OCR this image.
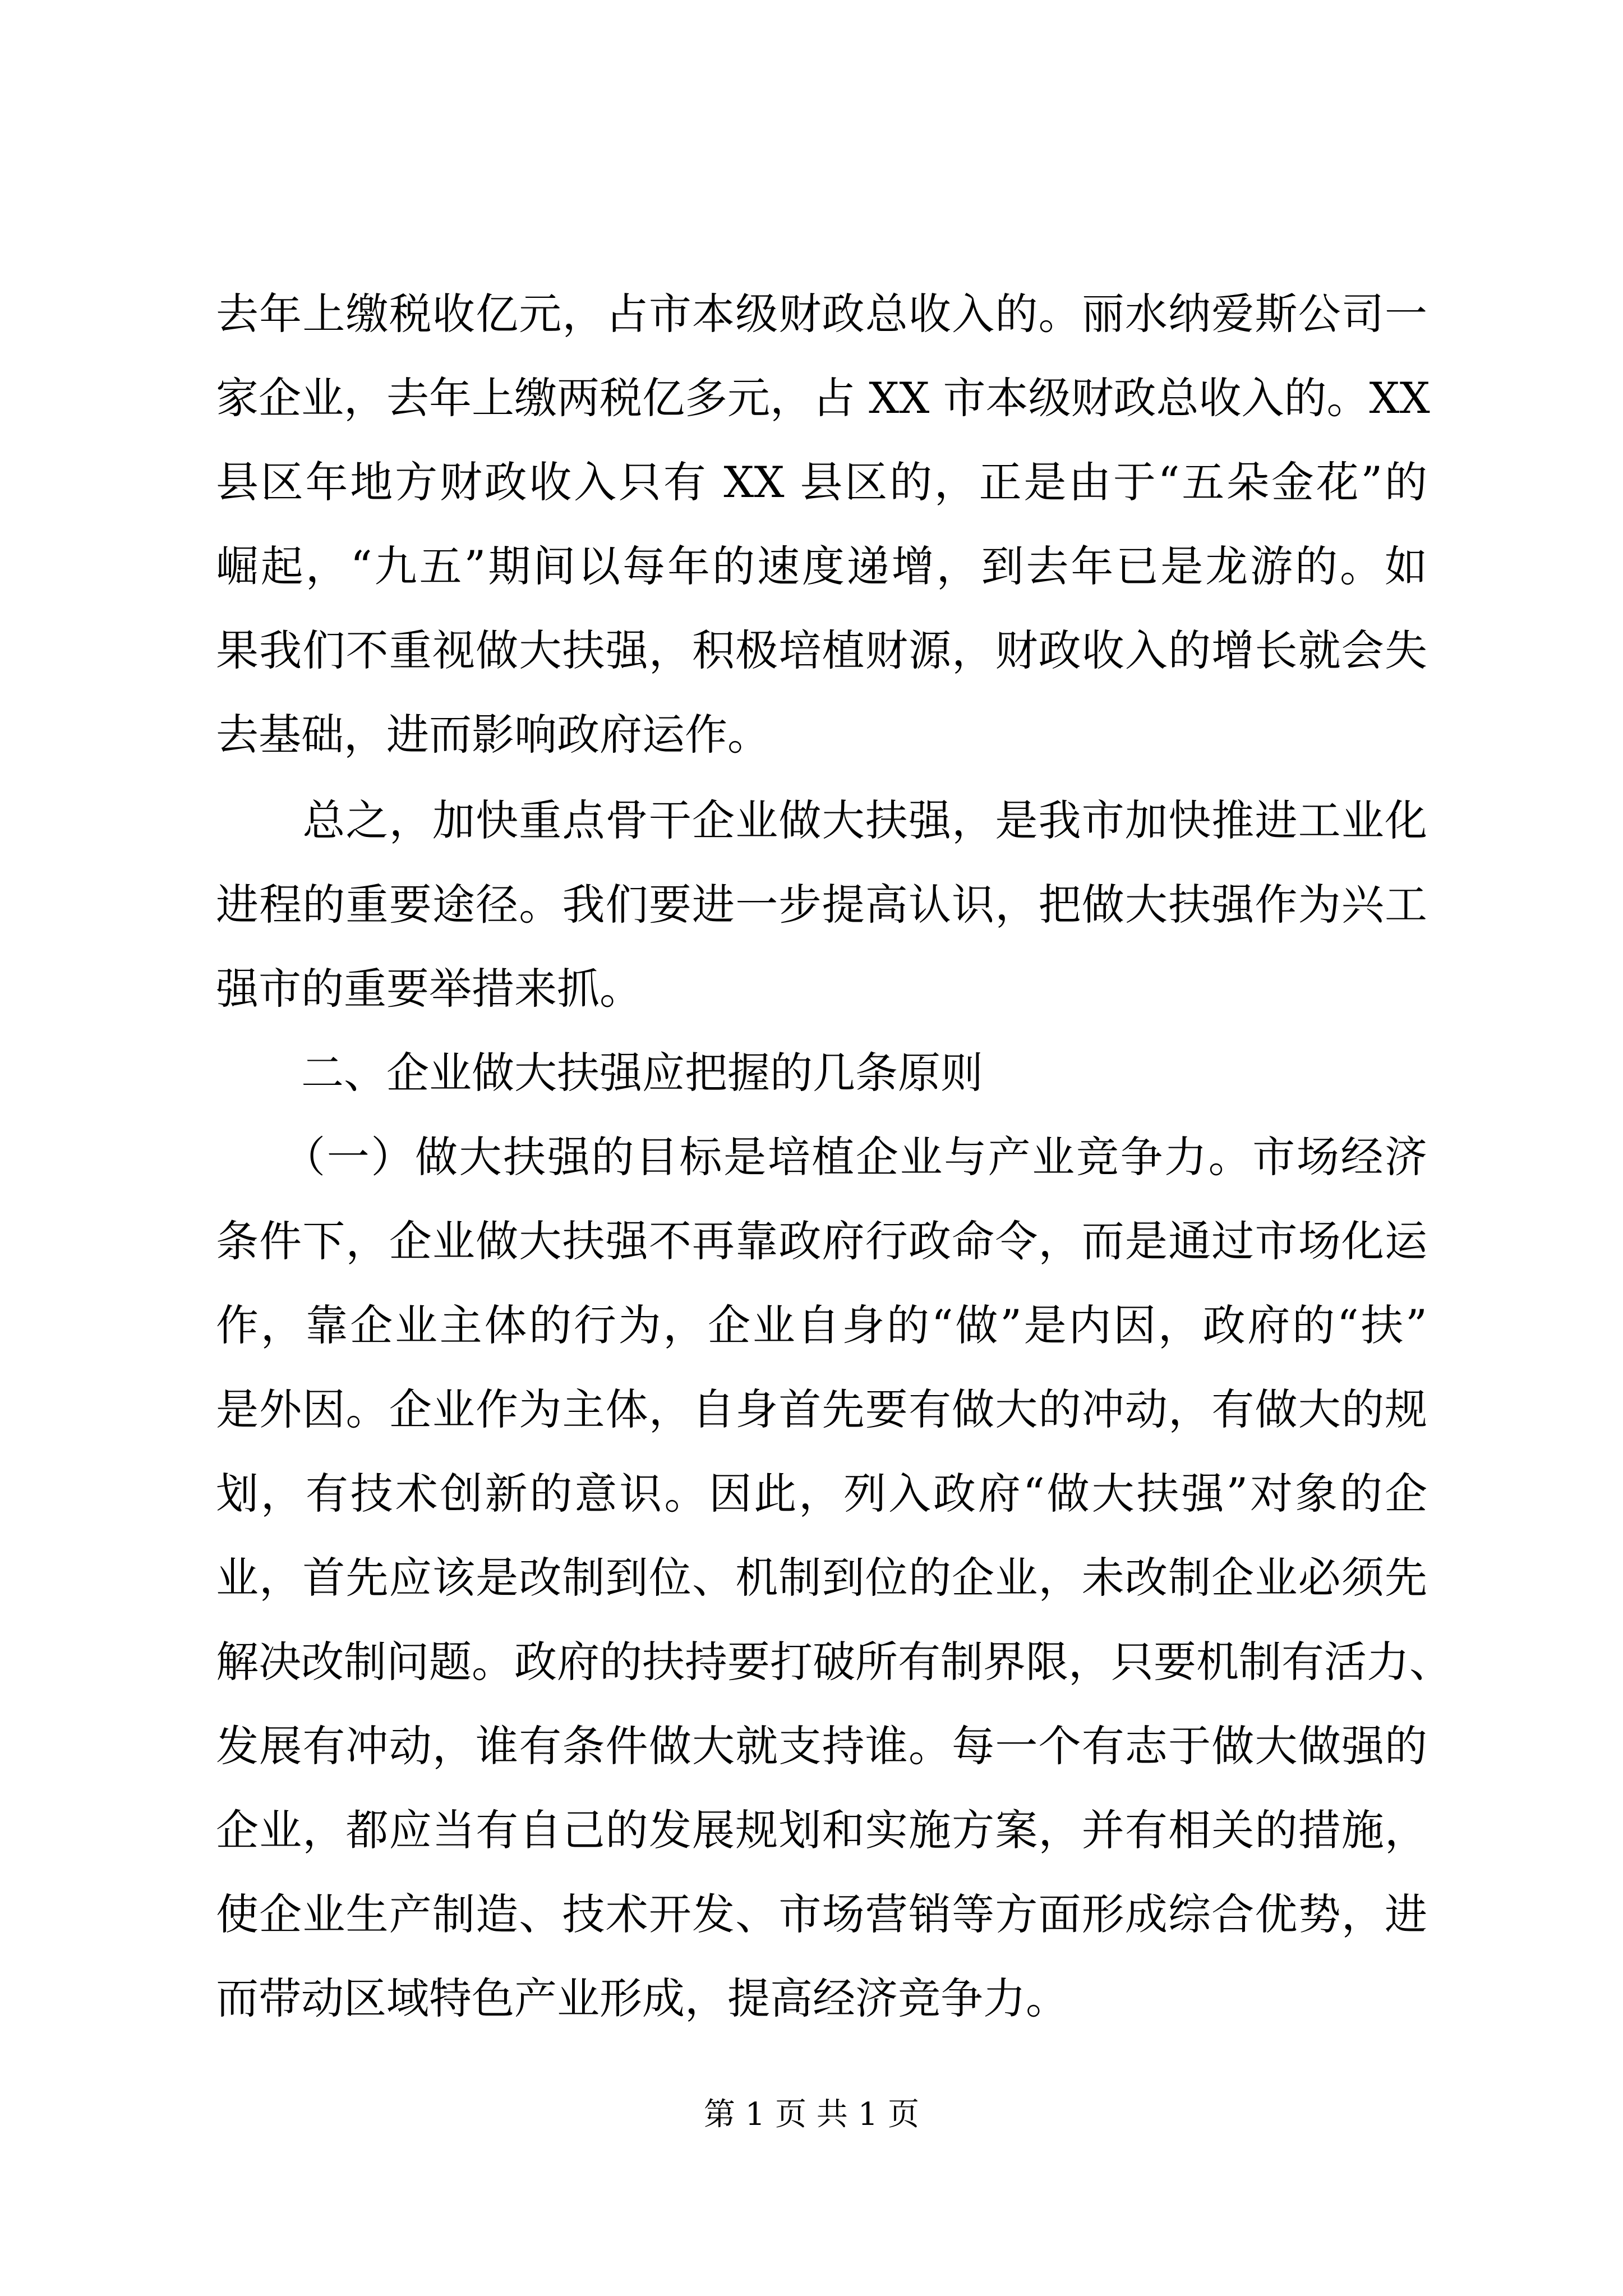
去年上缴税收亿元，占市本级财政总收入的。丽水纳爱斯公司一
家企业，去年上缴两税亿多元，占 XX 市本级财政总收入的。XX
县区年地方财政收入只有 XX 县区的，正是由于“五朵金花”的
崛起，“九五”期间以每年的速度递增，到去年已是龙游的。如
果我们不重视做大扶强，积极培植财源，财政收入的增长就会失
去基础，进而影响政府运作。
　　总之，加快重点骨干企业做大扶强，是我市加快推进工业化
进程的重要途径。我们要进一步提高认识，把做大扶强作为兴工
强市的重要举措来抓。
　　二、企业做大扶强应把握的几条原则
　　（一）做大扶强的目标是培植企业与产业竞争力。市场经济
条件下，企业做大扶强不再靠政府行政命令，而是通过市场化运
作，靠企业主体的行为，企业自身的“做”是内因，政府的“扶”
是外因。企业作为主体，自身首先要有做大的冲动，有做大的规
划，有技术创新的意识。因此，列入政府“做大扶强”对象的企
业，首先应该是改制到位、机制到位的企业，未改制企业必须先
解决改制问题。政府的扶持要打破所有制界限，只要机制有活力、
发展有冲动，谁有条件做大就支持谁。每一个有志于做大做强的
企业，都应当有自己的发展规划和实施方案，并有相关的措施，
使企业生产制造、技术开发、市场营销等方面形成综合优势，进
而带动区域特色产业形成，提高经济竞争力。
第 1 页 共 1 页
